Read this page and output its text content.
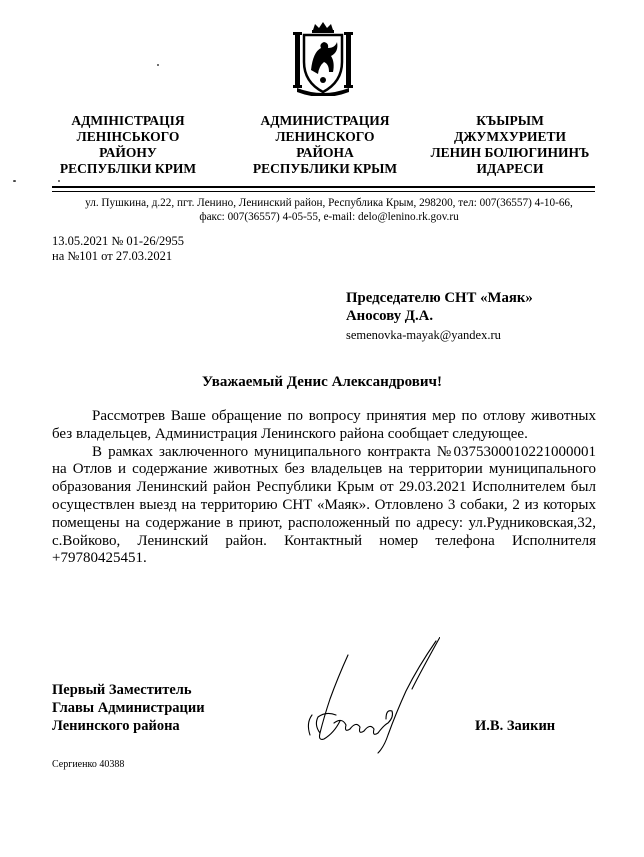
АДМІНІСТРАЦІЯ
ЛЕНІНСЬКОГО
РАЙОНУ
РЕСПУБЛІКИ КРИМ
АДМИНИСТРАЦИЯ
ЛЕНИНСКОГО
РАЙОНА
РЕСПУБЛИКИ КРЫМ
КЪЫРЫМ
ДЖУМХУРИЕТИ
ЛЕНИН БОЛЮГИНИНЪ
ИДАРЕСИ
ул. Пушкина, д.22, пгт. Ленино, Ленинский район, Республика Крым, 298200, тел: 007(36557) 4-10-66,
факс: 007(36557) 4-05-55, e-mail: delo@lenino.rk.gov.ru
13.05.2021 № 01-26/2955
на №101 от 27.03.2021
Председателю СНТ «Маяк»
Аносову Д.А.
semenovka-mayak@yandex.ru
Уважаемый Денис Александрович!

Рассмотрев Ваше обращение по вопросу принятия мер по отлову животных без владельцев, Администрация Ленинского района сообщает следующее.

В рамках заключенного муниципального контракта №0375300010221000001 на Отлов и содержание животных без владельцев на территории муниципального образования Ленинский район Республики Крым от 29.03.2021 Исполнителем был осуществлен выезд на территорию СНТ «Маяк». Отловлено 3 собаки, 2 из которых помещены на содержание в приют, расположенный по адресу: ул.Рудниковская,32, с.Войково, Ленинский район. Контактный номер телефона Исполнителя +79780425451.

Первый Заместитель
Главы Администрации
Ленинского района	И.В. Заикин
Сергиенко 40388
